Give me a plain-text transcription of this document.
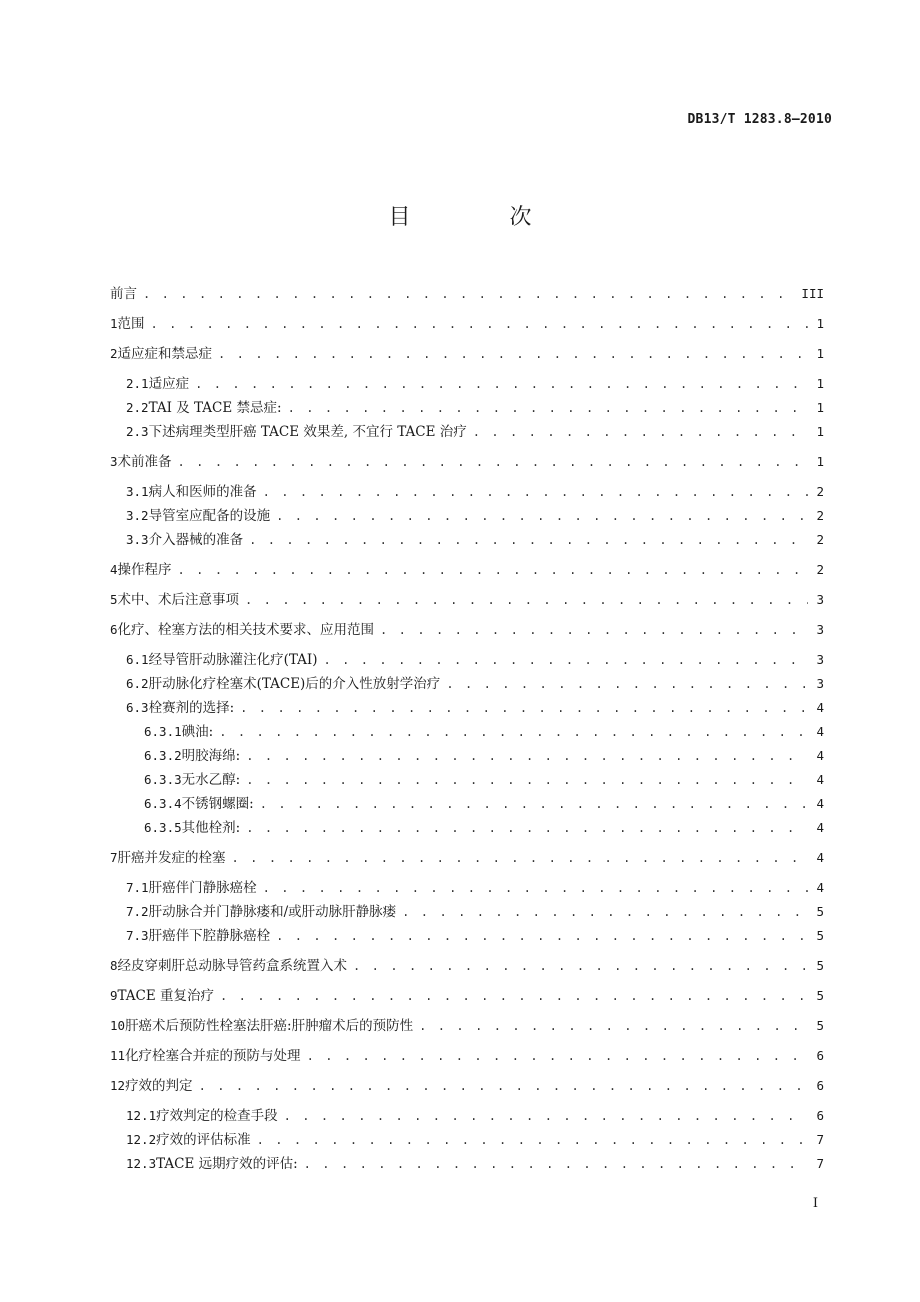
DB13/T 1283.8—2010
目 次
前言 . . .	III
1 范围 . . .	1
2 适应症和禁忌症 . . .	1
2.1 适应症 . . .	1
2.2 TAI 及 TACE 禁忌症: . . .	1
2.3 下述病理类型肝癌 TACE 效果差, 不宜行 TACE 治疗 . . .	1
3 术前准备 . . .	1
3.1 病人和医师的准备 . . .	2
3.2 导管室应配备的设施 . . .	2
3.3 介入器械的准备 . . .	2
4 操作程序 . . .	2
5 术中、术后注意事项 . . .	3
6 化疗、栓塞方法的相关技术要求、应用范围 . . .	3
6.1 经导管肝动脉灌注化疗(TAI) . . .	3
6.2 肝动脉化疗栓塞术(TACE)后的介入性放射学治疗 . . .	3
6.3 栓赛剂的选择: . . .	4
6.3.1 碘油: . . .	4
6.3.2 明胶海绵: . . .	4
6.3.3 无水乙醇: . . .	4
6.3.4 不锈钢螺圈: . . .	4
6.3.5 其他栓剂: . . .	4
7 肝癌并发症的栓塞 . . .	4
7.1 肝癌伴门静脉癌栓 . . .	4
7.2 肝动脉合并门静脉瘘和/或肝动脉肝静脉瘘 . . .	5
7.3 肝癌伴下腔静脉癌栓 . . .	5
8 经皮穿刺肝总动脉导管药盒系统置入术 . . .	5
9 TACE 重复治疗 . . .	5
10 肝癌术后预防性栓塞法肝癌:肝肿瘤术后的预防性 . . .	5
11 化疗栓塞合并症的预防与处理 . . .	6
12 疗效的判定 . . .	6
12.1 疗效判定的检查手段 . . .	6
12.2 疗效的评估标准 . . .	7
12.3 TACE 远期疗效的评估: . . .	7
I
